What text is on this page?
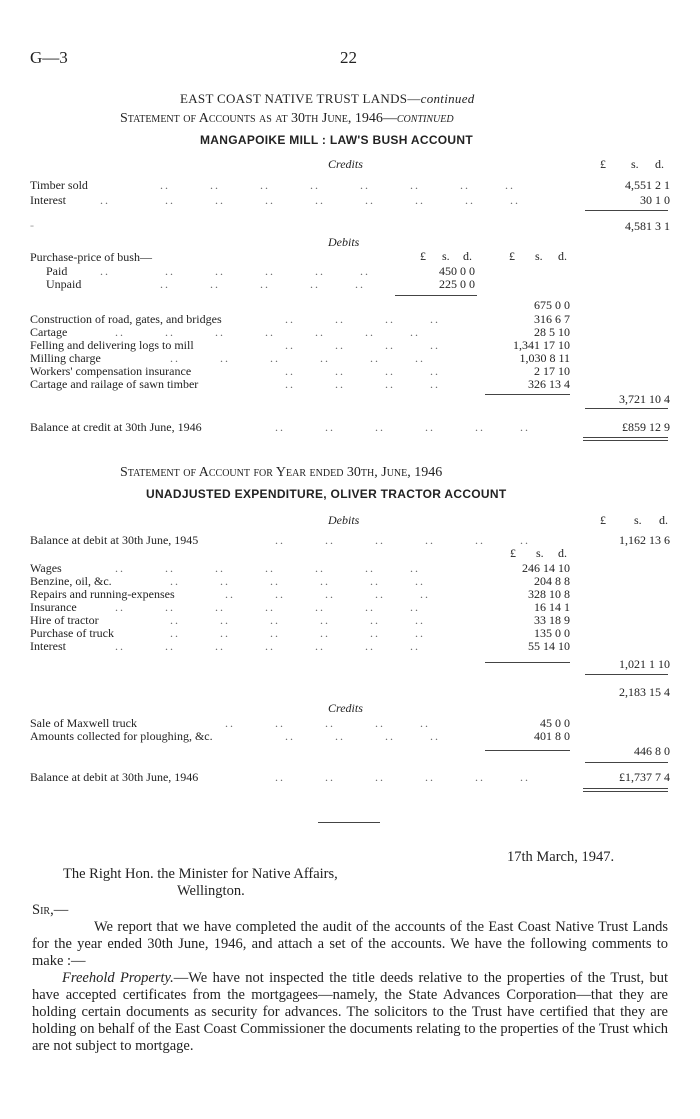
G—3	22
EAST COAST NATIVE TRUST LANDS—continued
Statement of Accounts as at 30th June, 1946—continued
MANGAPOIKE MILL : LAW'S BUSH ACCOUNT
Credits	£ s. d.
Timber sold	..        ..        ..        ..        ..        ..        ..       ..	4,551 2 1
Interest	..           ..        ..        ..        ..        ..        ..        ..       ..	30 1 0
-	4,581 3 1
Debits
£ s. d.	£ s. d.
Purchase-price of bush—
Paid	..           ..        ..        ..        ..       ..	450 0 0
Unpaid	..        ..        ..        ..       ..	225 0 0
675 0 0
Construction of road, gates, and bridges	..        ..        ..       ..	316 6 7
Cartage	..        ..        ..        ..        ..        ..       ..	28 5 10
Felling and delivering logs to mill	..        ..        ..       ..	1,341 17 10
Milling charge	..        ..        ..        ..        ..       ..	1,030 8 11
Workers' compensation insurance	..        ..        ..       ..	2 17 10
Cartage and railage of sawn timber	..        ..        ..       ..	326 13 4
3,721 10 4
Balance at credit at 30th June, 1946	..        ..        ..        ..        ..       ..	£859 12 9
Statement of Account for Year ended 30th, June, 1946
UNADJUSTED EXPENDITURE, OLIVER TRACTOR ACCOUNT
Debits	£ s. d.
Balance at debit at 30th June, 1945	..        ..        ..        ..        ..       ..	1,162 13 6
£ s. d.
Wages	..        ..        ..        ..        ..        ..       ..	246 14 10
Benzine, oil, &c.	..        ..        ..        ..        ..       ..	204 8 8
Repairs and running-expenses	..        ..        ..        ..       ..	328 10 8
Insurance	..        ..        ..        ..        ..        ..       ..	16 14 1
Hire of tractor	..        ..        ..        ..        ..       ..	33 18 9
Purchase of truck	..        ..        ..        ..        ..       ..	135 0 0
Interest	..        ..        ..        ..        ..        ..       ..	55 14 10
1,021 1 10
2,183 15 4
Credits
Sale of Maxwell truck	..        ..        ..        ..       ..	45 0 0
Amounts collected for ploughing, &c.	..        ..        ..       ..	401 8 0
446 8 0
Balance at debit at 30th June, 1946	..        ..        ..        ..        ..       ..	£1,737 7 4
17th March, 1947.
The Right Hon. the Minister for Native Affairs,
Wellington.
Sir,—
We report that we have completed the audit of the accounts of the East Coast Native Trust Lands for the year ended 30th June, 1946, and attach a set of the accounts. We have the following comments to make :—
Freehold Property.—We have not inspected the title deeds relative to the properties of the Trust, but have accepted certificates from the mortgagees—namely, the State Advances Corporation—that they are holding certain documents as security for advances. The solicitors to the Trust have certified that they are holding on behalf of the East Coast Commissioner the documents relating to the properties of the Trust which are not subject to mortgage.
